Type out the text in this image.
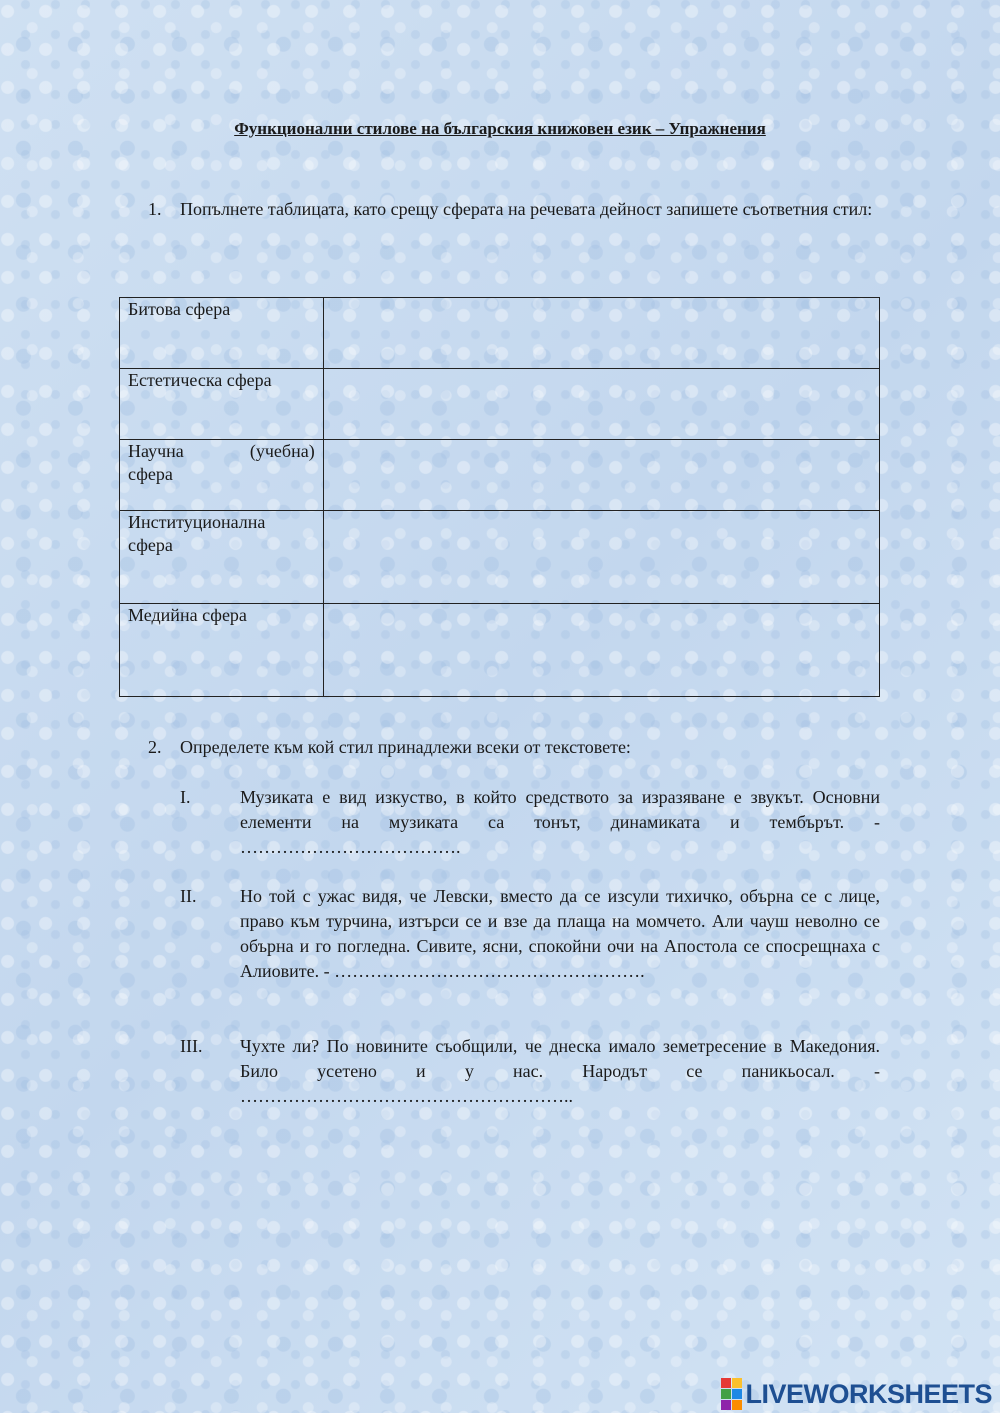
Функционални стилове на българския книжовен език – Упражнения
1. Попълнете таблицата, като срещу сферата на речевата дейност запишете съответния стил:
Битова сфера	

Естетическа сфера	

Научна (учебна)
сфера	

Институционална
сфера	

Медийна сфера	

2. Определете към кой стил принадлежи всеки от текстовете:
I.	Музиката е вид изкуство, в който средството за изразяване е звукът. Основни елементи на музиката са тонът, динамиката и тембърът. - ……………………………….
II. Но той с ужас видя, че Левски, вместо да се изсули тихичко, обърна се с лице, право към турчина, изтърси се и взе да плаща на момчето. Али чауш неволно се обърна и го погледна. Сивите, ясни, спокойни очи на Апостола се спосрещнаха с Алиовите. - …………………………………………….
III. Чухте ли? По новините съобщили, че днеска имало земетресение в Македония. Било усетено и у нас. Народът се паникьосал. - ………………………………………………..
LIVEWORKSHEETS
